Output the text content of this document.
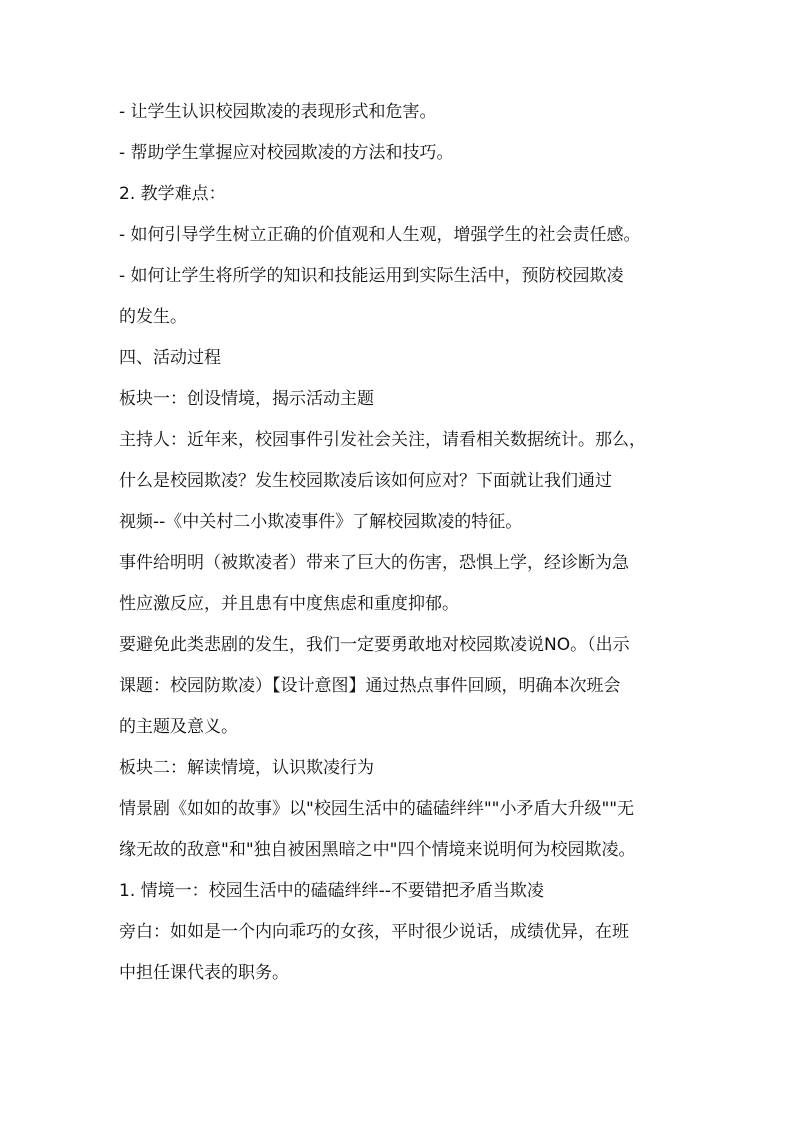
- 让学生认识校园欺凌的表现形式和危害。
- 帮助学生掌握应对校园欺凌的方法和技巧。
2. 教学难点：
- 如何引导学生树立正确的价值观和人生观，增强学生的社会责任感。
- 如何让学生将所学的知识和技能运用到实际生活中，预防校园欺凌
的发生。
四、活动过程
板块一：创设情境，揭示活动主题
主持人：近年来，校园事件引发社会关注，请看相关数据统计。那么，
什么是校园欺凌？发生校园欺凌后该如何应对？下面就让我们通过
视频--《中关村二小欺凌事件》了解校园欺凌的特征。
事件给明明（被欺凌者）带来了巨大的伤害，恐惧上学，经诊断为急
性应激反应，并且患有中度焦虑和重度抑郁。
要避免此类悲剧的发生，我们一定要勇敢地对校园欺凌说NO。（出示
课题：校园防欺凌）【设计意图】通过热点事件回顾，明确本次班会
的主题及意义。
板块二：解读情境，认识欺凌行为
情景剧《如如的故事》以"校园生活中的磕磕绊绊""小矛盾大升级""无
缘无故的敌意"和"独自被困黑暗之中"四个情境来说明何为校园欺凌。
1. 情境一：校园生活中的磕磕绊绊--不要错把矛盾当欺凌
旁白：如如是一个内向乖巧的女孩，平时很少说话，成绩优异，在班
中担任课代表的职务。
